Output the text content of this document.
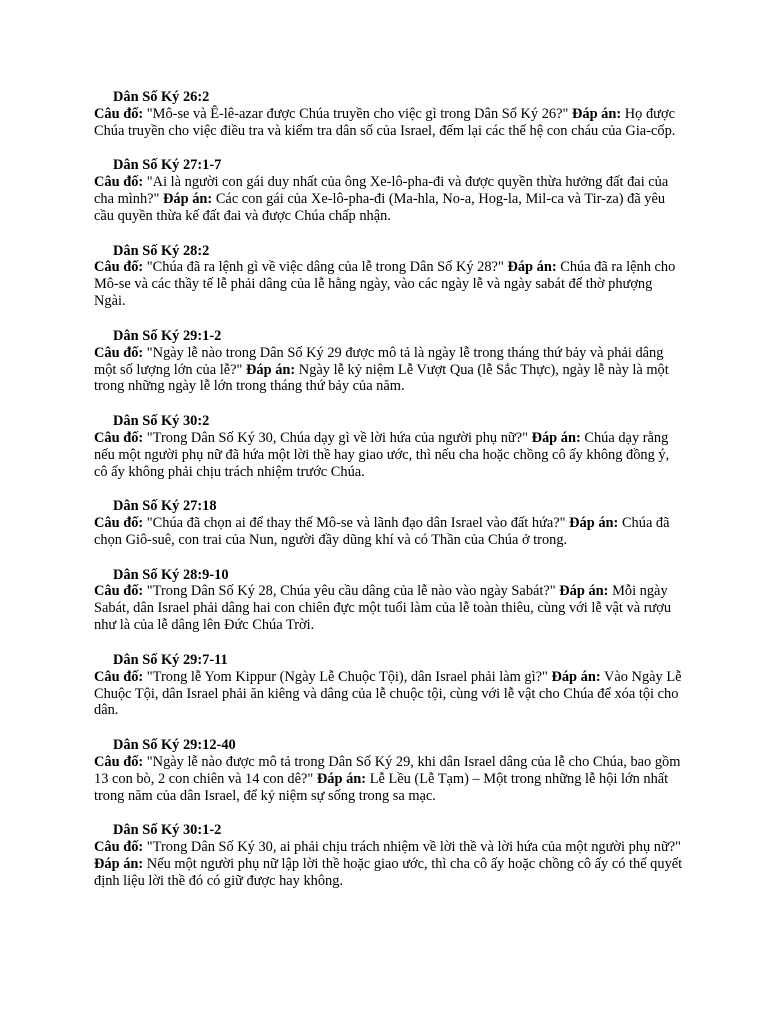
Dân Số Ký 26:2
Câu đố: "Mô-se và Ê-lê-azar được Chúa truyền cho việc gì trong Dân Số Ký 26?" Đáp án: Họ được Chúa truyền cho việc điều tra và kiểm tra dân số của Israel, đếm lại các thế hệ con cháu của Gia-cốp.
Dân Số Ký 27:1-7
Câu đố: "Ai là người con gái duy nhất của ông Xe-lô-pha-đi và được quyền thừa hưởng đất đai của cha mình?" Đáp án: Các con gái của Xe-lô-pha-đi (Ma-hla, No-a, Hog-la, Mil-ca và Tir-za) đã yêu cầu quyền thừa kế đất đai và được Chúa chấp nhận.
Dân Số Ký 28:2
Câu đố: "Chúa đã ra lệnh gì về việc dâng của lễ trong Dân Số Ký 28?" Đáp án: Chúa đã ra lệnh cho Mô-se và các thầy tế lễ phải dâng của lễ hằng ngày, vào các ngày lễ và ngày sabát để thờ phượng Ngài.
Dân Số Ký 29:1-2
Câu đố: "Ngày lễ nào trong Dân Số Ký 29 được mô tả là ngày lễ trong tháng thứ bảy và phải dâng một số lượng lớn của lễ?" Đáp án: Ngày lễ kỷ niệm Lễ Vượt Qua (lễ Sắc Thực), ngày lễ này là một trong những ngày lễ lớn trong tháng thứ bảy của năm.
Dân Số Ký 30:2
Câu đố: "Trong Dân Số Ký 30, Chúa dạy gì về lời hứa của người phụ nữ?" Đáp án: Chúa dạy rằng nếu một người phụ nữ đã hứa một lời thề hay giao ước, thì nếu cha hoặc chồng cô ấy không đồng ý, cô ấy không phải chịu trách nhiệm trước Chúa.
Dân Số Ký 27:18
Câu đố: "Chúa đã chọn ai để thay thế Mô-se và lãnh đạo dân Israel vào đất hứa?" Đáp án: Chúa đã chọn Giô-suê, con trai của Nun, người đầy dũng khí và có Thần của Chúa ở trong.
Dân Số Ký 28:9-10
Câu đố: "Trong Dân Số Ký 28, Chúa yêu cầu dâng của lễ nào vào ngày Sabát?" Đáp án: Mỗi ngày Sabát, dân Israel phải dâng hai con chiên đực một tuổi làm của lễ toàn thiêu, cùng với lễ vật và rượu như là của lễ dâng lên Đức Chúa Trời.
Dân Số Ký 29:7-11
Câu đố: "Trong lễ Yom Kippur (Ngày Lễ Chuộc Tội), dân Israel phải làm gì?" Đáp án: Vào Ngày Lễ Chuộc Tội, dân Israel phải ăn kiêng và dâng của lễ chuộc tội, cùng với lễ vật cho Chúa để xóa tội cho dân.
Dân Số Ký 29:12-40
Câu đố: "Ngày lễ nào được mô tả trong Dân Số Ký 29, khi dân Israel dâng của lễ cho Chúa, bao gồm 13 con bò, 2 con chiên và 14 con dê?" Đáp án: Lễ Lều (Lễ Tạm) – Một trong những lễ hội lớn nhất trong năm của dân Israel, để kỷ niệm sự sống trong sa mạc.
Dân Số Ký 30:1-2
Câu đố: "Trong Dân Số Ký 30, ai phải chịu trách nhiệm về lời thề và lời hứa của một người phụ nữ?" Đáp án: Nếu một người phụ nữ lập lời thề hoặc giao ước, thì cha cô ấy hoặc chồng cô ấy có thể quyết định liệu lời thề đó có giữ được hay không.
